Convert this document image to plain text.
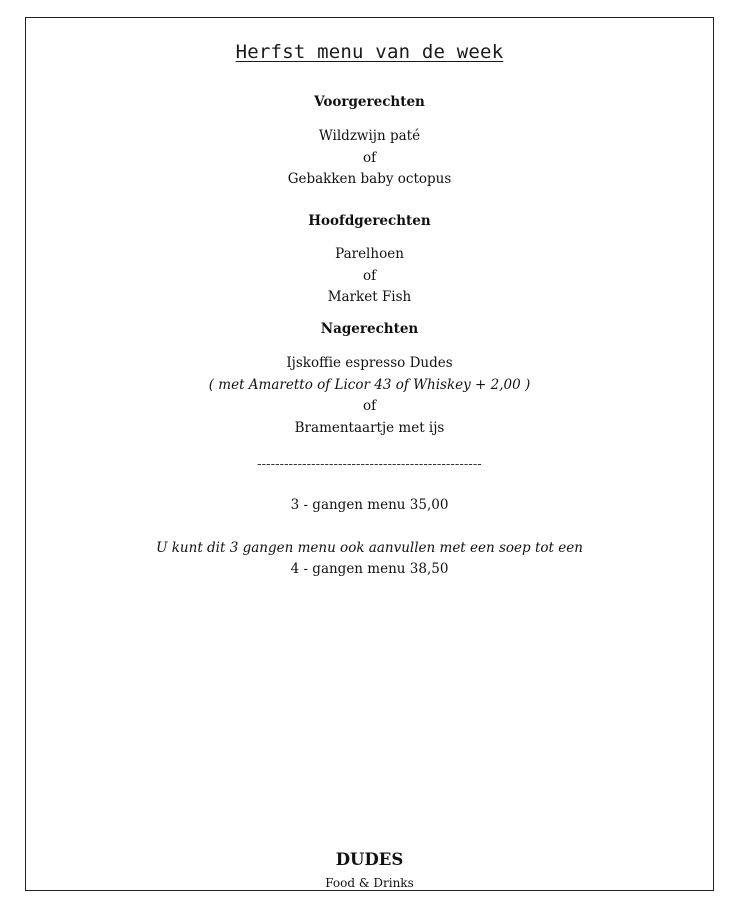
Herfst menu van de week
Voorgerechten
Wildzwijn paté
of
Gebakken baby octopus
Hoofdgerechten
Parelhoen
of
Market Fish
Nagerechten
Ijskoffie espresso Dudes
( met Amaretto of Licor 43 of Whiskey + 2,00 )
of
Bramentaartje met ijs
--------------------------------------------------
3 - gangen menu 35,00
U kunt dit 3 gangen menu ook aanvullen met een soep tot een
4 - gangen menu 38,50
DUDES
Food & Drinks
